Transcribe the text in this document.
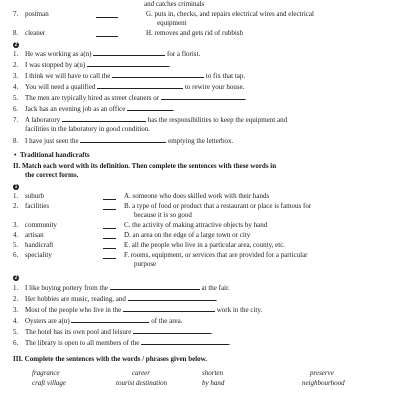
and catches criminals
7. postman	G. puts in, checks, and repairs electrical wires and electrical
equipment
8. cleaner	H. removes and gets rid of rubbish
2
1. He was working as a(n)	for a florist.
2. I was stopped by a(n)	.
3. I think we will have to call the	to fix that tap.
4. You will need a qualified	to rewire your house.
5. The men are typically hired as street cleaners or	.
6. Jack has an evening job as an office	.
7. A laboratory	has the responsibilities to keep the equipment and
facilities in the laboratory in good condition.
8. I have just seen the	emptying the letterbox.
• Traditional handicrafts
II. Match each word with its definition. Then complete the sentences with these words in
the correct forms.
1
1. suburb	A. someone who does skilled work with their hands
2. facilities	B. a type of food or product that a restaurant or place is famous for
because it is so good
3. community	C. the activity of making attractive objects by hand
4. artisan	D. an area on the edge of a large town or city
5. handicraft	E. all the people who live in a particular area, county, etc.
6. speciality	F. rooms, equipment, or services that are provided for a particular
purpose
2
1. I like buying pottery from the	at the fair.
2. Her hobbies are music, reading, and	.
3. Most of the people who live in the	work in the city.
4. Oysters are a(n)	of the area.
5. The hotel has its own pool and leisure	.
6. The library is open to all members of the	.
III. Complete the sentences with the words / phrases given below.
fragrance	career	shorten	preserve
craft village	tourist destination	by hand	neighbourhood
